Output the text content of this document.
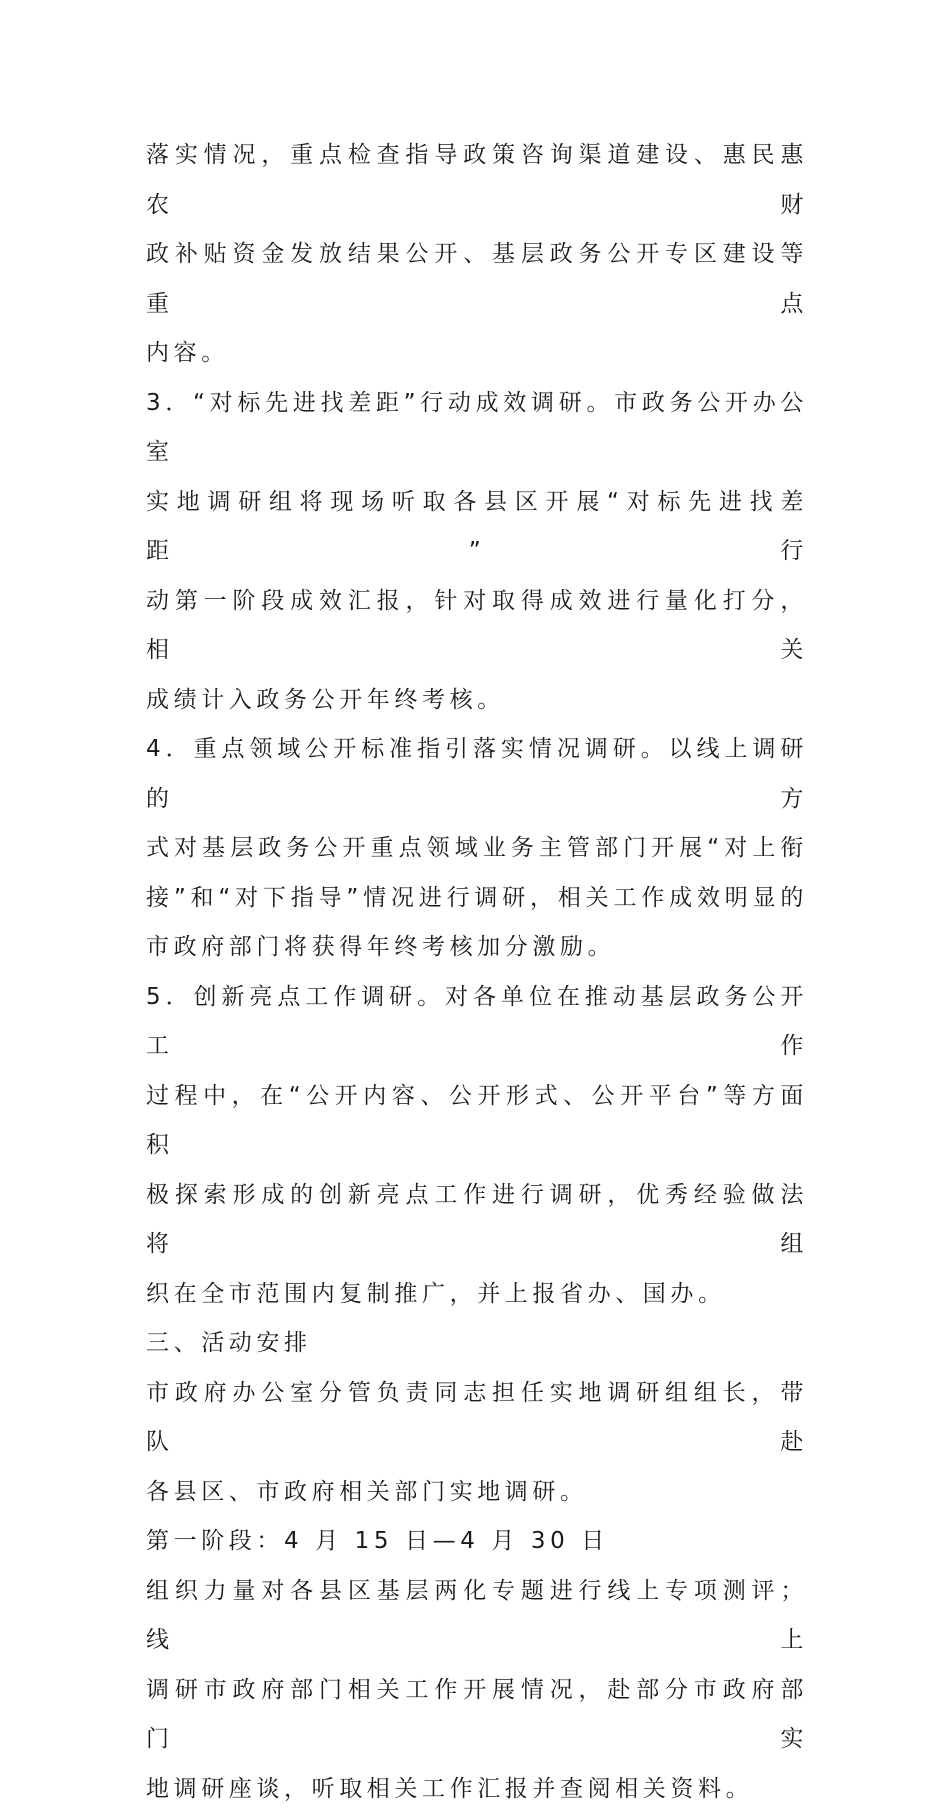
落实情况，重点检查指导政策咨询渠道建设、惠民惠农财

政补贴资金发放结果公开、基层政务公开专区建设等重点

内容。

3．“对标先进找差距”行动成效调研。市政务公开办公室

实地调研组将现场听取各县区开展“对标先进找差距”行

动第一阶段成效汇报，针对取得成效进行量化打分，相关

成绩计入政务公开年终考核。

4．重点领域公开标准指引落实情况调研。以线上调研的方

式对基层政务公开重点领域业务主管部门开展“对上衔

接”和“对下指导”情况进行调研，相关工作成效明显的

市政府部门将获得年终考核加分激励。

5．创新亮点工作调研。对各单位在推动基层政务公开工作

过程中，在“公开内容、公开形式、公开平台”等方面积

极探索形成的创新亮点工作进行调研，优秀经验做法将组

织在全市范围内复制推广，并上报省办、国办。

三、活动安排

市政府办公室分管负责同志担任实地调研组组长，带队赴

各县区、市政府相关部门实地调研。

第一阶段：4 月 15 日—4 月 30 日

组织力量对各县区基层两化专题进行线上专项测评；线上

调研市政府部门相关工作开展情况，赴部分市政府部门实

地调研座谈，听取相关工作汇报并查阅相关资料。
